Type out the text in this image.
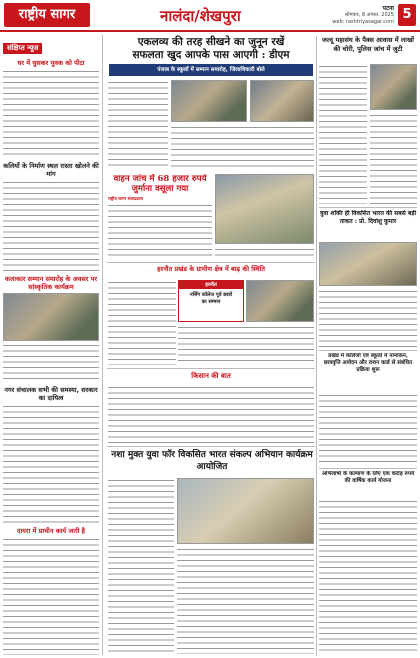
राष्ट्रीय सागर	नालंदा/शेखपुरा	पटना
सोमवार, 8 अगस्त, 2025
web: rashtriyasagar.com 5
संक्षिप्त न्यूज
घर में घुसकर युवक को पीटा
कलियों के निर्माण स्थल रास्ता खोलने की मांग
कलाकार सम्मान समारोह के अवसर पर सांस्कृतिक कार्यक्रम
नगर संचालक सभी की समस्या, सरकार का दायित्व
दायरा में प्राचीन कार्य जारी है
एकलव्य की तरह सीखने का जुनून रखें
सफलता खुद आपके पास आएगी : डीएम
पंजाब के स्कूलों में सम्मान समारोह, जिलाधिकारी बोले
वाहन जांच में 68 हजार रुपये जुर्माना वसूला गया
राष्ट्रीय सागर संवाददाता
हरनौत प्रखंड के ग्रामीण क्षेत्र में बाढ़ की स्थिति
हरनौत
नर्सिंग कॉलेज पूर्व छात्रों
का सम्मान
किसान की बात
नशा मुक्त युवा फॉर विकसित भारत संकल्प अभियान कार्यक्रम आयोजित
जल्दू महासंघ के पैक्स आवास में लाखों की चोरी, पुलिस जांच में जुटी
युवा शक्ति ही विकसित भारत की सबसे बड़ी ताकत : प्रो. दिवांशु कुमार
प्रखंड में कॉलेजों एवं स्कूलों में नामांकन, छात्रवृत्ति आवेदन और राशन कार्ड से संबंधित प्रक्रिया शुरू
अभिलाषों के कल्याण के लिए एक करोड़ रुपये की वार्षिक कार्य योजना
